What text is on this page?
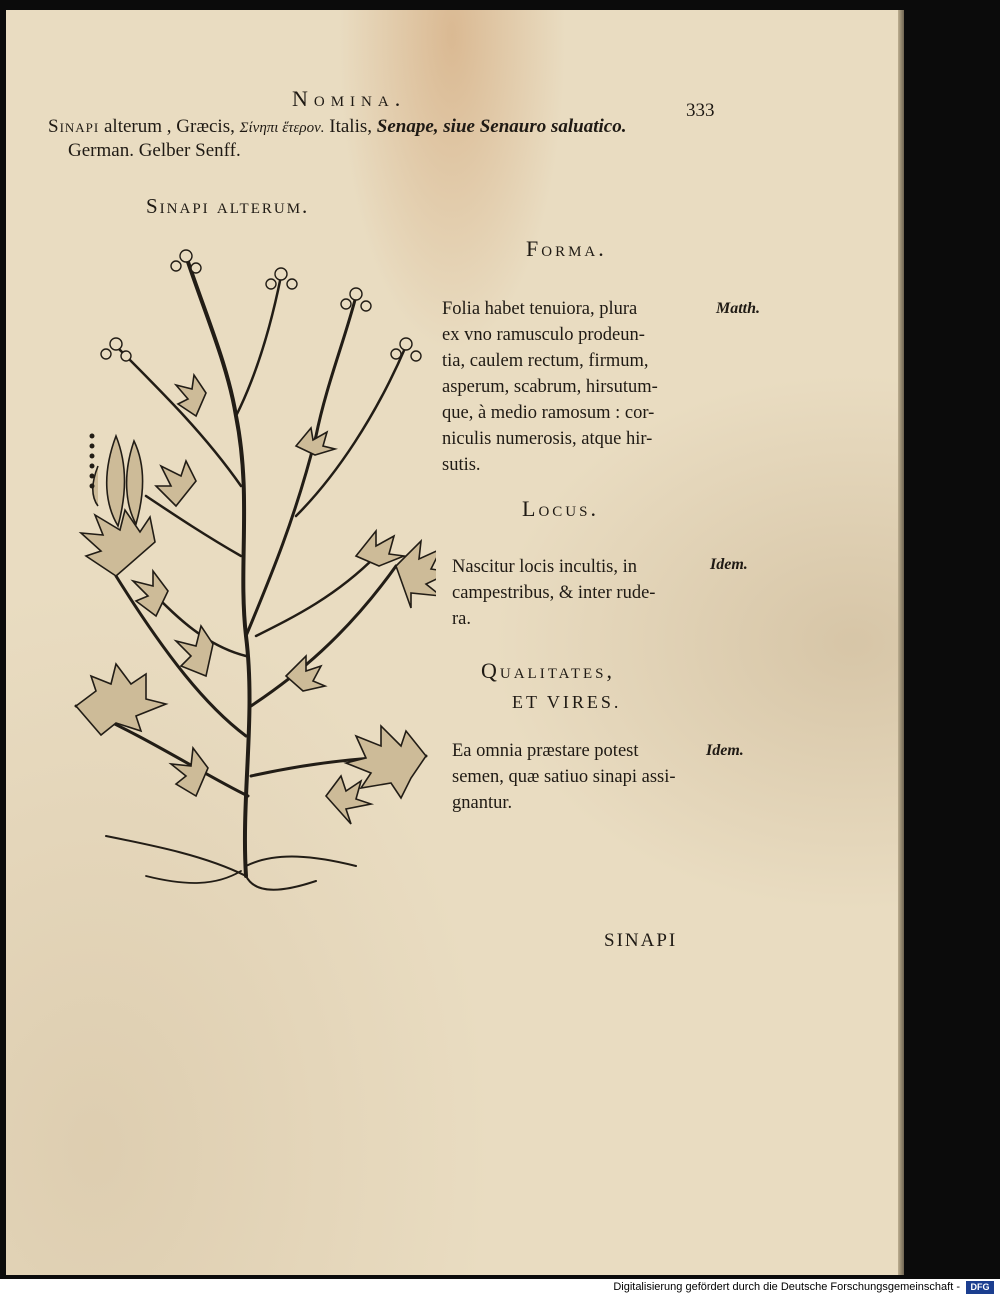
Nomina.	333
Sinapi alterum , Græcis, Σίνηπι ἕτερον. Italis, Senape, siue Senauro saluatico.
German. Gelber Senff.
Sinapi alterum.
Forma.
Matth.
Folia habet tenuiora, plura
ex vno ramusculo prodeun-
tia, caulem rectum, firmum,
asperum, scabrum, hirsutum-
que, à medio ramosum : cor-
niculis numerosis, atque hir-
sutis.
Locus.
Idem.
Nascitur locis incultis, in
campestribus, & inter rude-
ra.
Qualitates,
ET VIRES.
Idem.
Ea omnia præstare potest
semen, quæ satiuo sinapi assi-
gnantur.
SINAPI
Digitalisierung gefördert durch die Deutsche Forschungsgemeinschaft -	DFG
